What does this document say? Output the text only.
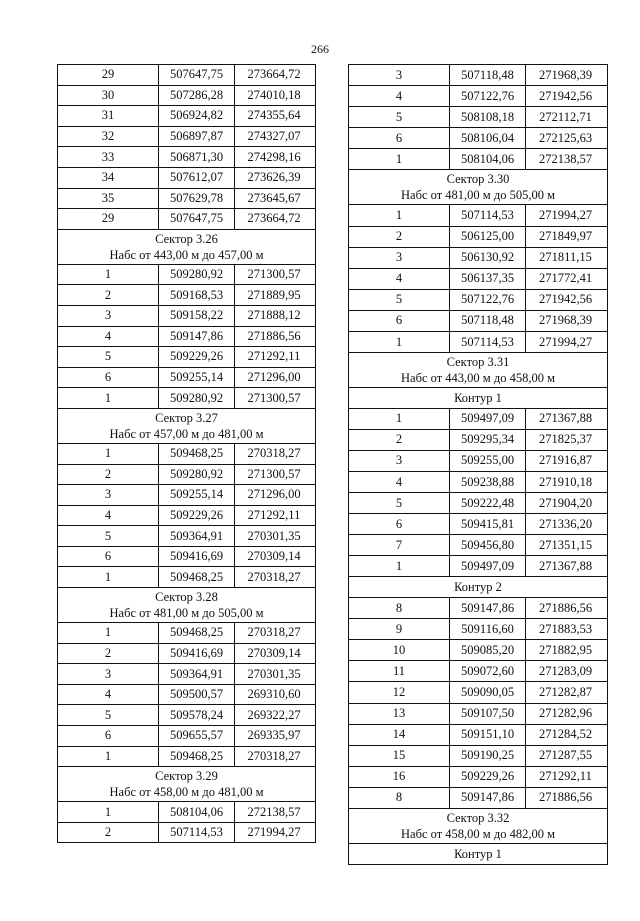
266
29	507647,75	273664,72
30	507286,28	274010,18
31	506924,82	274355,64
32	506897,87	274327,07
33	506871,30	274298,16
34	507612,07	273626,39
35	507629,78	273645,67
29	507647,75	273664,72
Сектор 3.26
Набс от 443,00 м до 457,00 м
1	509280,92	271300,57
2	509168,53	271889,95
3	509158,22	271888,12
4	509147,86	271886,56
5	509229,26	271292,11
6	509255,14	271296,00
1	509280,92	271300,57
Сектор 3.27
Набс от 457,00 м до 481,00 м
1	509468,25	270318,27
2	509280,92	271300,57
3	509255,14	271296,00
4	509229,26	271292,11
5	509364,91	270301,35
6	509416,69	270309,14
1	509468,25	270318,27
Сектор 3.28
Набс от 481,00 м до 505,00 м
1	509468,25	270318,27
2	509416,69	270309,14
3	509364,91	270301,35
4	509500,57	269310,60
5	509578,24	269322,27
6	509655,57	269335,97
1	509468,25	270318,27
Сектор 3.29
Набс от 458,00 м до 481,00 м
1	508104,06	272138,57
2	507114,53	271994,27
3	507118,48	271968,39
4	507122,76	271942,56
5	508108,18	272112,71
6	508106,04	272125,63
1	508104,06	272138,57
Сектор 3.30
Набс от 481,00 м до 505,00 м
1	507114,53	271994,27
2	506125,00	271849,97
3	506130,92	271811,15
4	506137,35	271772,41
5	507122,76	271942,56
6	507118,48	271968,39
1	507114,53	271994,27
Сектор 3.31
Набс от 443,00 м до 458,00 м
Контур 1
1	509497,09	271367,88
2	509295,34	271825,37
3	509255,00	271916,87
4	509238,88	271910,18
5	509222,48	271904,20
6	509415,81	271336,20
7	509456,80	271351,15
1	509497,09	271367,88
Контур 2
8	509147,86	271886,56
9	509116,60	271883,53
10	509085,20	271882,95
11	509072,60	271283,09
12	509090,05	271282,87
13	509107,50	271282,96
14	509151,10	271284,52
15	509190,25	271287,55
16	509229,26	271292,11
8	509147,86	271886,56
Сектор 3.32
Набс от 458,00 м до 482,00 м
Контур 1
